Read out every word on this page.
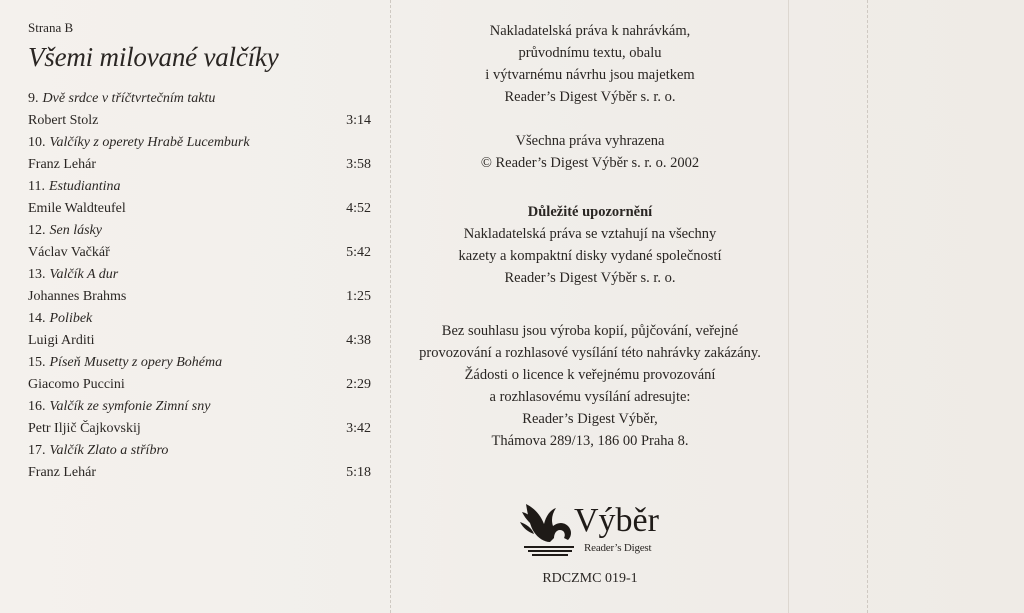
Strana B
Všemi milované valčíky
9. Dvě srdce v tříčtvrtečním taktu
Robert Stolz	3:14
10. Valčíky z operety Hrabě Lucemburk
Franz Lehár	3:58
11. Estudiantina
Emile Waldteufel	4:52
12. Sen lásky
Václav Vačkář	5:42
13. Valčík A dur
Johannes Brahms	1:25
14. Polibek
Luigi Arditi	4:38
15. Píseň Musetty z opery Bohéma
Giacomo Puccini	2:29
16. Valčík ze symfonie Zimní sny
Petr Iljič Čajkovskij	3:42
17. Valčík Zlato a stříbro
Franz Lehár	5:18
Nakladatelská práva k nahrávkám,
průvodnímu textu, obalu
i výtvarnému návrhu jsou majetkem
Reader’s Digest Výběr s. r. o.
Všechna práva vyhrazena
© Reader’s Digest Výběr s. r. o. 2002
Důležité upozornění
Nakladatelská práva se vztahují na všechny
kazety a kompaktní disky vydané společností
Reader’s Digest Výběr s. r. o.
Bez souhlasu jsou výroba kopií, půjčování, veřejné
provozování a rozhlasové vysílání této nahrávky zakázány.
Žádosti o licence k veřejnému provozování
a rozhlasovému vysílání adresujte:
Reader’s Digest Výběr,
Thámova 289/13, 186 00 Praha 8.
Výběr
Reader’s Digest
RDCZMC 019-1
